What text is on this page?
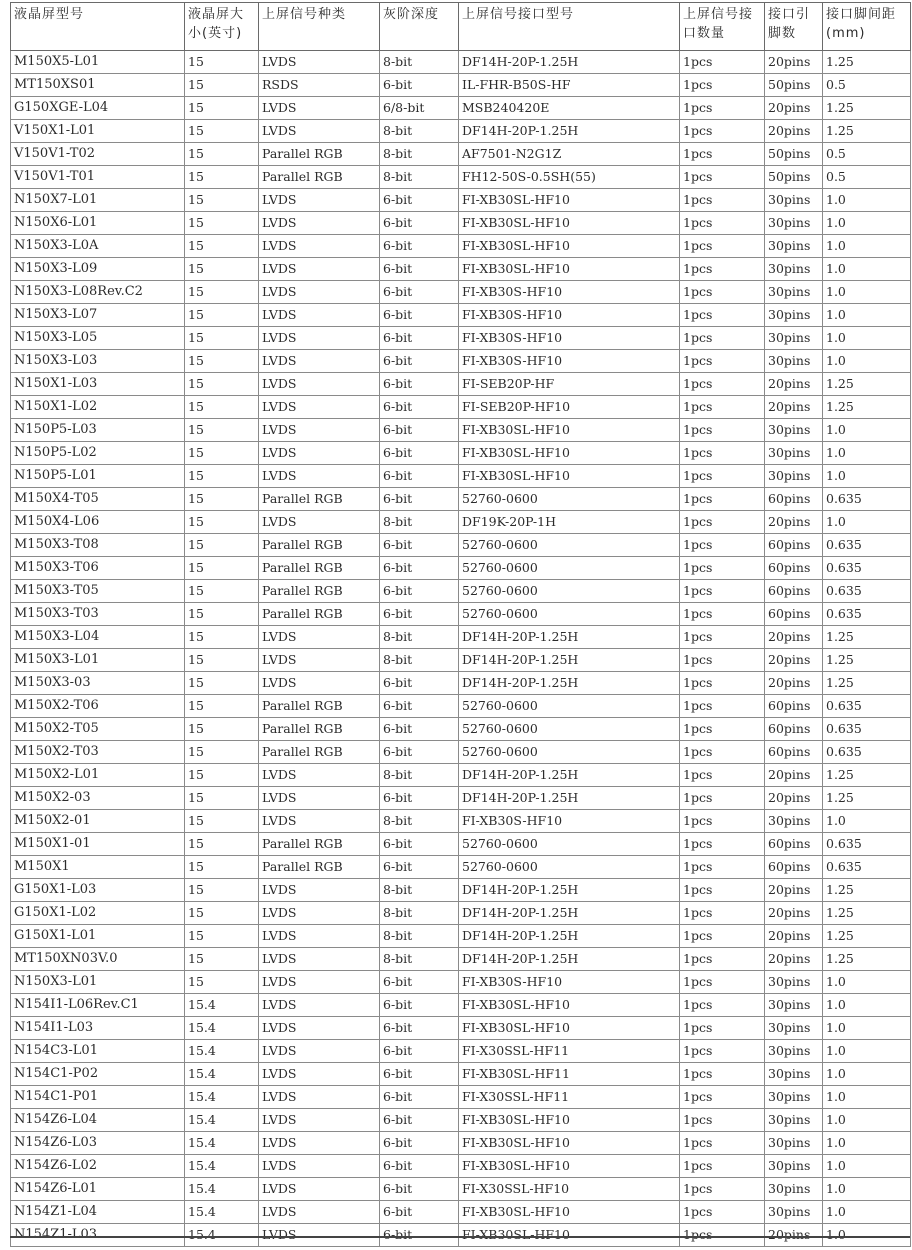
液晶屏型号	液晶屏大小(英寸)	上屏信号种类	灰阶深度	上屏信号接口型号	上屏信号接口数量	接口引脚数	接口脚间距(mm)
M150X5-L01	15	LVDS	8-bit	DF14H-20P-1.25H	1pcs	20pins	1.25
MT150XS01	15	RSDS	6-bit	IL-FHR-B50S-HF	1pcs	50pins	0.5
G150XGE-L04	15	LVDS	6/8-bit	MSB240420E	1pcs	20pins	1.25
V150X1-L01	15	LVDS	8-bit	DF14H-20P-1.25H	1pcs	20pins	1.25
V150V1-T02	15	Parallel RGB	8-bit	AF7501-N2G1Z	1pcs	50pins	0.5
V150V1-T01	15	Parallel RGB	8-bit	FH12-50S-0.5SH(55)	1pcs	50pins	0.5
N150X7-L01	15	LVDS	6-bit	FI-XB30SL-HF10	1pcs	30pins	1.0
N150X6-L01	15	LVDS	6-bit	FI-XB30SL-HF10	1pcs	30pins	1.0
N150X3-L0A	15	LVDS	6-bit	FI-XB30SL-HF10	1pcs	30pins	1.0
N150X3-L09	15	LVDS	6-bit	FI-XB30SL-HF10	1pcs	30pins	1.0
N150X3-L08Rev.C2	15	LVDS	6-bit	FI-XB30S-HF10	1pcs	30pins	1.0
N150X3-L07	15	LVDS	6-bit	FI-XB30S-HF10	1pcs	30pins	1.0
N150X3-L05	15	LVDS	6-bit	FI-XB30S-HF10	1pcs	30pins	1.0
N150X3-L03	15	LVDS	6-bit	FI-XB30S-HF10	1pcs	30pins	1.0
N150X1-L03	15	LVDS	6-bit	FI-SEB20P-HF	1pcs	20pins	1.25
N150X1-L02	15	LVDS	6-bit	FI-SEB20P-HF10	1pcs	20pins	1.25
N150P5-L03	15	LVDS	6-bit	FI-XB30SL-HF10	1pcs	30pins	1.0
N150P5-L02	15	LVDS	6-bit	FI-XB30SL-HF10	1pcs	30pins	1.0
N150P5-L01	15	LVDS	6-bit	FI-XB30SL-HF10	1pcs	30pins	1.0
M150X4-T05	15	Parallel RGB	6-bit	52760-0600	1pcs	60pins	0.635
M150X4-L06	15	LVDS	8-bit	DF19K-20P-1H	1pcs	20pins	1.0
M150X3-T08	15	Parallel RGB	6-bit	52760-0600	1pcs	60pins	0.635
M150X3-T06	15	Parallel RGB	6-bit	52760-0600	1pcs	60pins	0.635
M150X3-T05	15	Parallel RGB	6-bit	52760-0600	1pcs	60pins	0.635
M150X3-T03	15	Parallel RGB	6-bit	52760-0600	1pcs	60pins	0.635
M150X3-L04	15	LVDS	8-bit	DF14H-20P-1.25H	1pcs	20pins	1.25
M150X3-L01	15	LVDS	8-bit	DF14H-20P-1.25H	1pcs	20pins	1.25
M150X3-03	15	LVDS	6-bit	DF14H-20P-1.25H	1pcs	20pins	1.25
M150X2-T06	15	Parallel RGB	6-bit	52760-0600	1pcs	60pins	0.635
M150X2-T05	15	Parallel RGB	6-bit	52760-0600	1pcs	60pins	0.635
M150X2-T03	15	Parallel RGB	6-bit	52760-0600	1pcs	60pins	0.635
M150X2-L01	15	LVDS	8-bit	DF14H-20P-1.25H	1pcs	20pins	1.25
M150X2-03	15	LVDS	6-bit	DF14H-20P-1.25H	1pcs	20pins	1.25
M150X2-01	15	LVDS	8-bit	FI-XB30S-HF10	1pcs	30pins	1.0
M150X1-01	15	Parallel RGB	6-bit	52760-0600	1pcs	60pins	0.635
M150X1	15	Parallel RGB	6-bit	52760-0600	1pcs	60pins	0.635
G150X1-L03	15	LVDS	8-bit	DF14H-20P-1.25H	1pcs	20pins	1.25
G150X1-L02	15	LVDS	8-bit	DF14H-20P-1.25H	1pcs	20pins	1.25
G150X1-L01	15	LVDS	8-bit	DF14H-20P-1.25H	1pcs	20pins	1.25
MT150XN03V.0	15	LVDS	8-bit	DF14H-20P-1.25H	1pcs	20pins	1.25
N150X3-L01	15	LVDS	6-bit	FI-XB30S-HF10	1pcs	30pins	1.0
N154I1-L06Rev.C1	15.4	LVDS	6-bit	FI-XB30SL-HF10	1pcs	30pins	1.0
N154I1-L03	15.4	LVDS	6-bit	FI-XB30SL-HF10	1pcs	30pins	1.0
N154C3-L01	15.4	LVDS	6-bit	FI-X30SSL-HF11	1pcs	30pins	1.0
N154C1-P02	15.4	LVDS	6-bit	FI-XB30SL-HF11	1pcs	30pins	1.0
N154C1-P01	15.4	LVDS	6-bit	FI-X30SSL-HF11	1pcs	30pins	1.0
N154Z6-L04	15.4	LVDS	6-bit	FI-XB30SL-HF10	1pcs	30pins	1.0
N154Z6-L03	15.4	LVDS	6-bit	FI-XB30SL-HF10	1pcs	30pins	1.0
N154Z6-L02	15.4	LVDS	6-bit	FI-XB30SL-HF10	1pcs	30pins	1.0
N154Z6-L01	15.4	LVDS	6-bit	FI-X30SSL-HF10	1pcs	30pins	1.0
N154Z1-L04	15.4	LVDS	6-bit	FI-XB30SL-HF10	1pcs	30pins	1.0
N154Z1-L03	15.4	LVDS	6-bit	FI-XB30SL-HF10	1pcs	20pins	1.0
